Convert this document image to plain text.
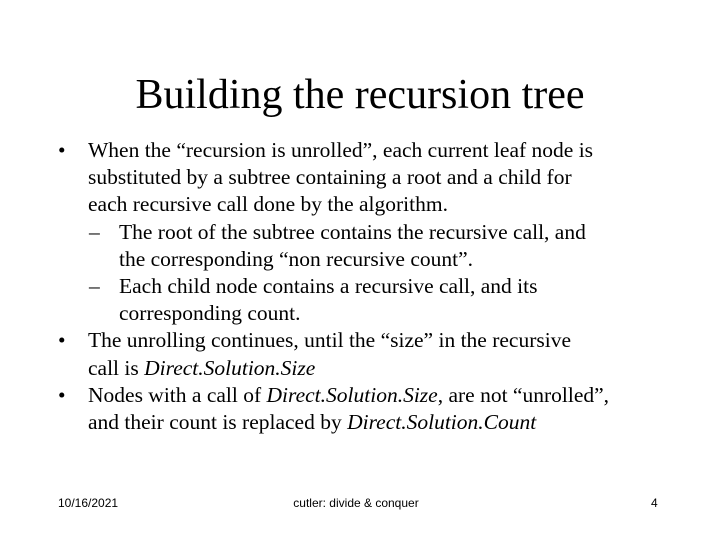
Building the recursion tree
• When the “recursion is unrolled”, each current leaf node is
substituted by a subtree containing a root and a child for
each recursive call done by the algorithm.
– The root of the subtree contains the recursive call, and
the corresponding “non recursive count”.
– Each child node contains a recursive call, and its
corresponding count.
• The unrolling continues, until the “size” in the recursive
call is Direct.Solution.Size
• Nodes with a call of Direct.Solution.Size, are not “unrolled”,
and their count is replaced by Direct.Solution.Count
10/16/2021	cutler: divide & conquer	4
